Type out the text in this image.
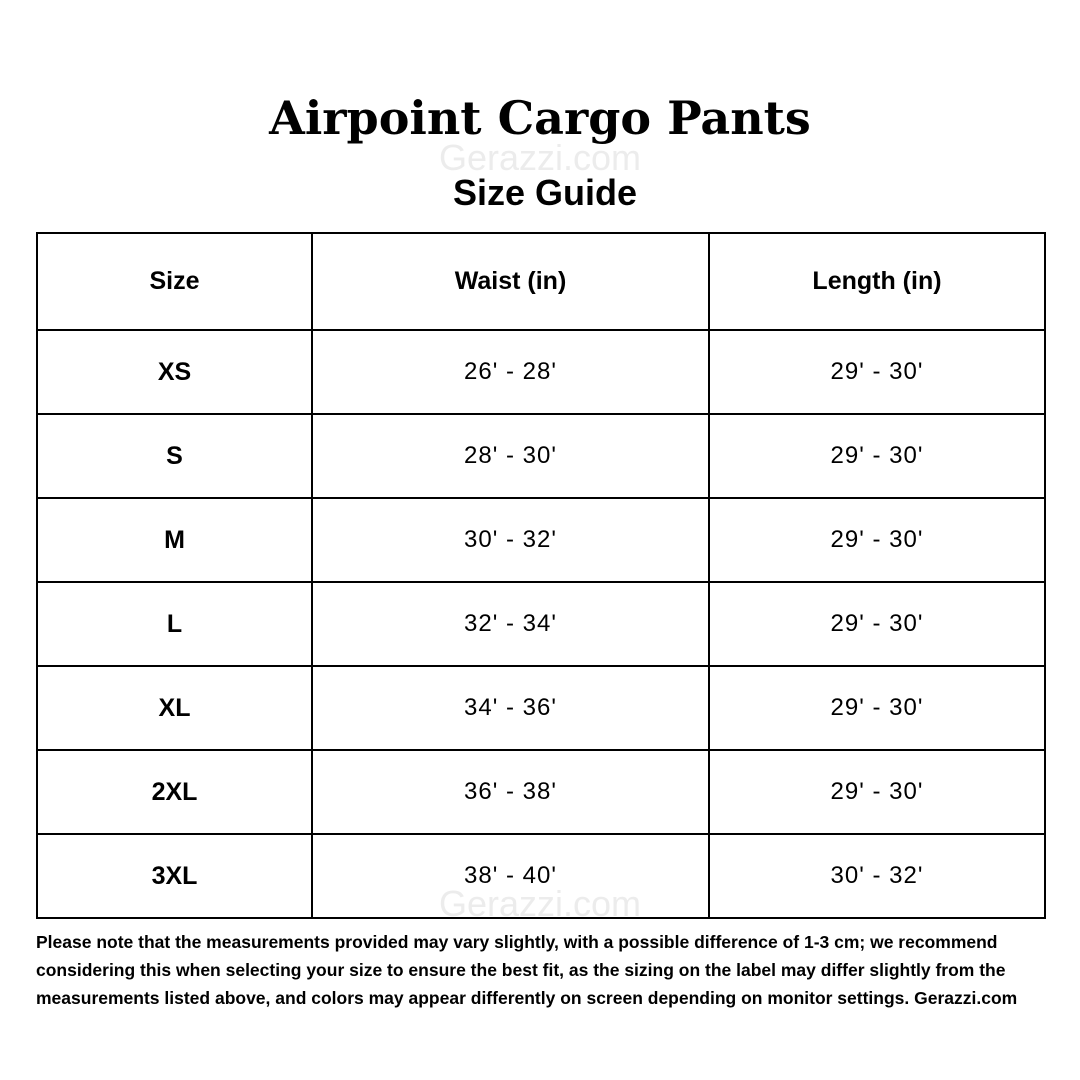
Airpoint Cargo Pants
Gerazzi.com
Size Guide
Size	Waist (in)	Length (in)
XS	26' - 28'	29' - 30'
S	28' - 30'	29' - 30'
M	30' - 32'	29' - 30'
L	32' - 34'	29' - 30'
XL	34' - 36'	29' - 30'
2XL	36' - 38'	29' - 30'
3XL	38' - 40'	30' - 32'
Gerazzi.com

Please note that the measurements provided may vary slightly, with a possible difference of 1-3 cm; we recommend considering this when selecting your size to ensure the best fit, as the sizing on the label may differ slightly from the measurements listed above, and colors may appear differently on screen depending on monitor settings. Gerazzi.com
